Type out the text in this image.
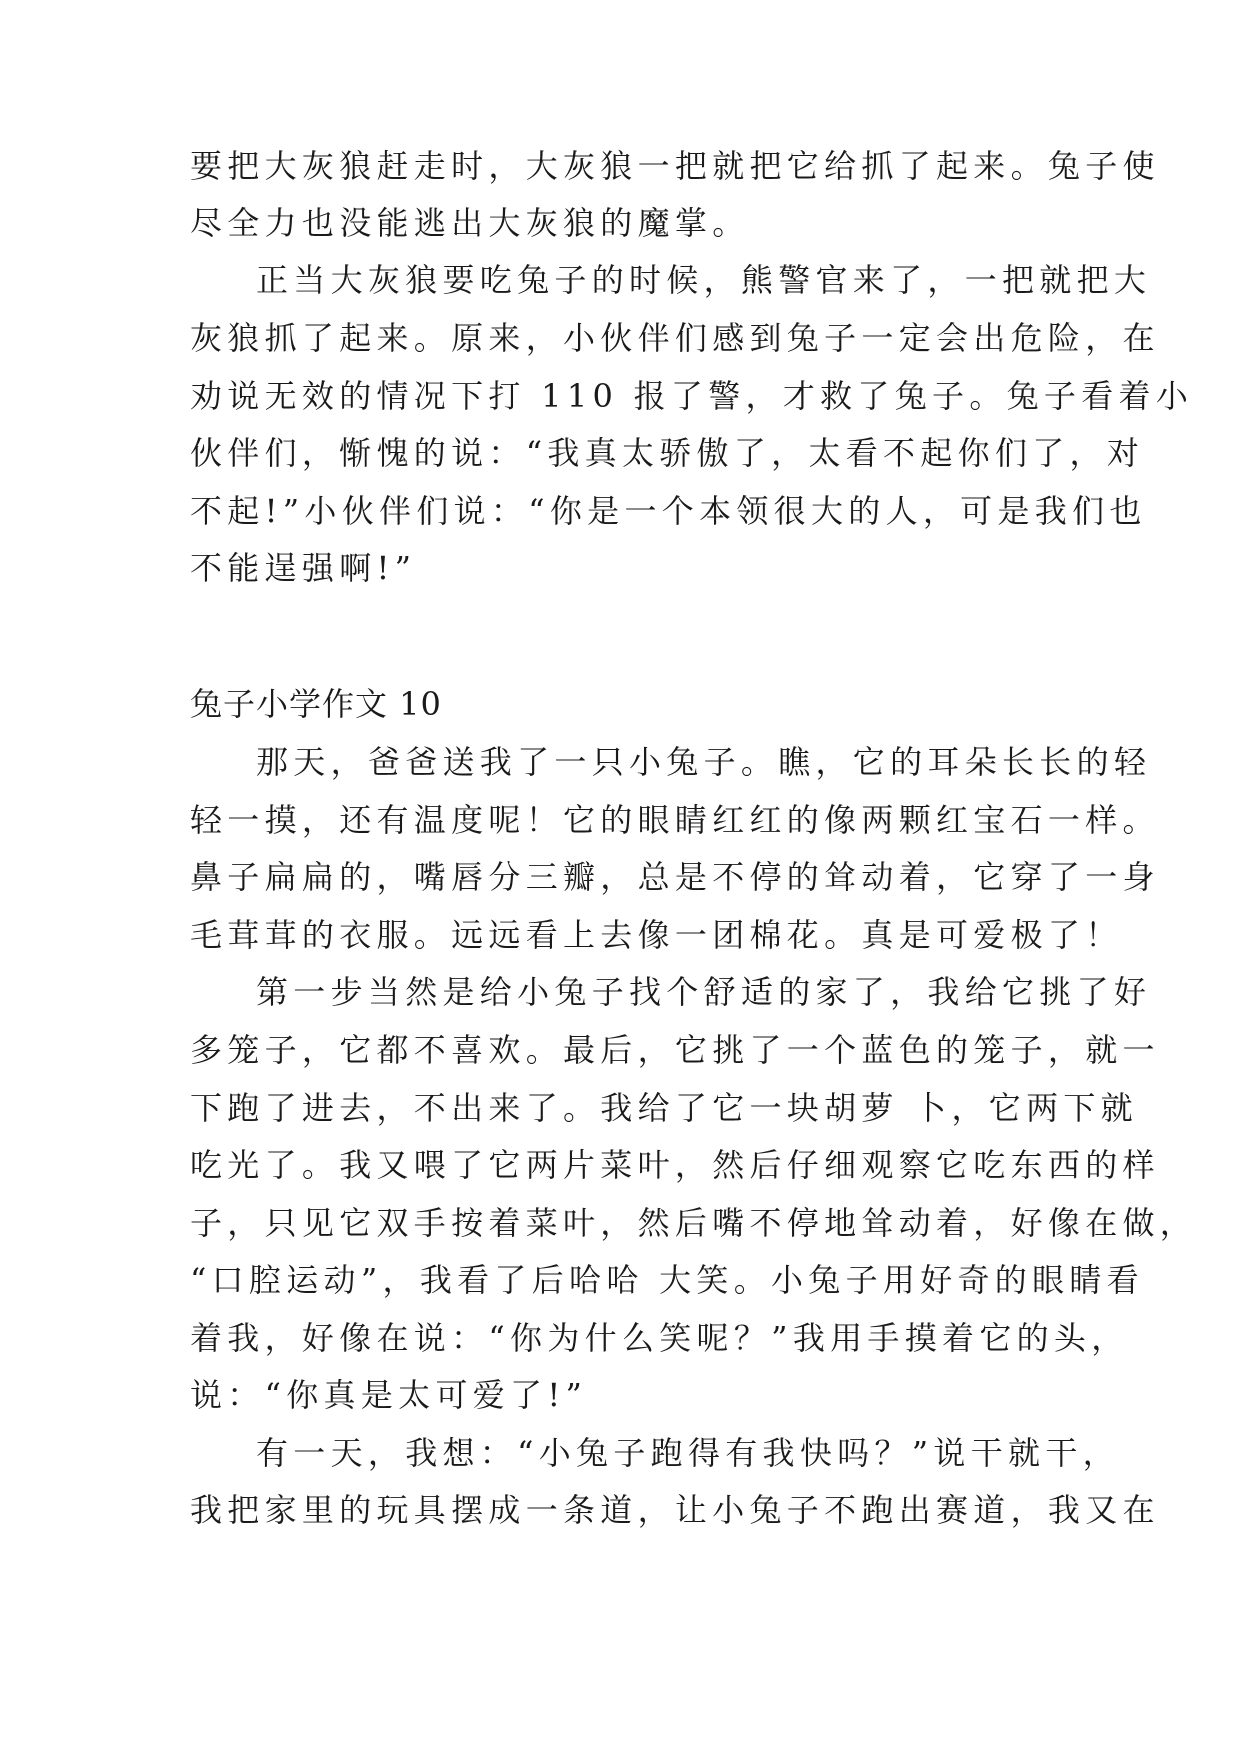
要把大灰狼赶走时，大灰狼一把就把它给抓了起来。兔子使
尽全力也没能逃出大灰狼的魔掌。
正当大灰狼要吃兔子的时候，熊警官来了，一把就把大
灰狼抓了起来。原来，小伙伴们感到兔子一定会出危险，在
劝说无效的情况下打 110 报了警，才救了兔子。兔子看着小
伙伴们，惭愧的说：“我真太骄傲了，太看不起你们了，对
不起!”小伙伴们说：“你是一个本领很大的人，可是我们也
不能逞强啊!”
兔子小学作文 10
那天，爸爸送我了一只小兔子。瞧，它的耳朵长长的轻
轻一摸，还有温度呢！它的眼睛红红的像两颗红宝石一样。
鼻子扁扁的，嘴唇分三瓣，总是不停的耸动着，它穿了一身
毛茸茸的衣服。远远看上去像一团棉花。真是可爱极了！
第一步当然是给小兔子找个舒适的家了，我给它挑了好
多笼子，它都不喜欢。最后，它挑了一个蓝色的笼子，就一
下跑了进去，不出来了。我给了它一块胡萝 卜，它两下就
吃光了。我又喂了它两片菜叶，然后仔细观察它吃东西的样
子，只见它双手按着菜叶，然后嘴不停地耸动着，好像在做，
“口腔运动”，我看了后哈哈 大笑。小兔子用好奇的眼睛看
着我，好像在说：“你为什么笑呢？”我用手摸着它的头，
说：“你真是太可爱了!”
有一天，我想：“小兔子跑得有我快吗？”说干就干，
我把家里的玩具摆成一条道，让小兔子不跑出赛道，我又在
